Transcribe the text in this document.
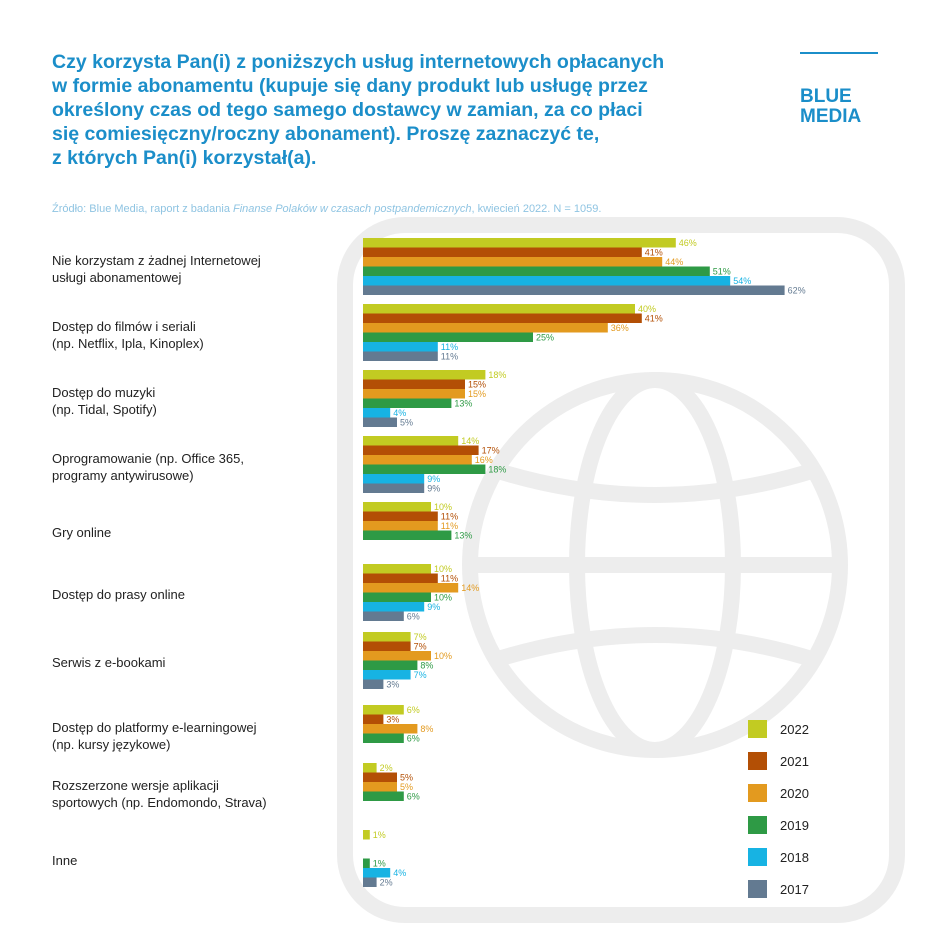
Czy korzysta Pan(i) z poniższych usług internetowych opłacanych
w formie abonamentu (kupuje się dany produkt lub usługę przez
określony czas od tego samego dostawcy w zamian, za co płaci
się comiesięczny/roczny abonament). Proszę zaznaczyć te,
z których Pan(i) korzystał(a).
BLUE
MEDIA
Źródło: Blue Media, raport z badania Finanse Polaków w czasach postpandemicznych, kwiecień 2022. N = 1059.
46%
41%
44%
51%
54%
62%
40%
41%
36%
25%
11%
11%
18%
15%
15%
13%
4%
5%
14%
17%
16%
18%
9%
9%
10%
11%
11%
13%
10%
11%
14%
10%
9%
6%
7%
7%
10%
8%
7%
3%
6%
3%
8%
6%
2%
5%
5%
6%
1%
1%
4%
2%
2022
2021
2020
2019
2018
2017
Nie korzystam z żadnej Internetowej
usługi abonamentowej
Dostęp do filmów i seriali
(np. Netflix, Ipla, Kinoplex)
Dostęp do muzyki
(np. Tidal, Spotify)
Oprogramowanie (np. Office 365,
programy antywirusowe)
Gry online
Dostęp do prasy online
Serwis z e-bookami
Dostęp do platformy e-learningowej
(np. kursy językowe)
Rozszerzone wersje aplikacji
sportowych (np. Endomondo, Strava)
Inne
